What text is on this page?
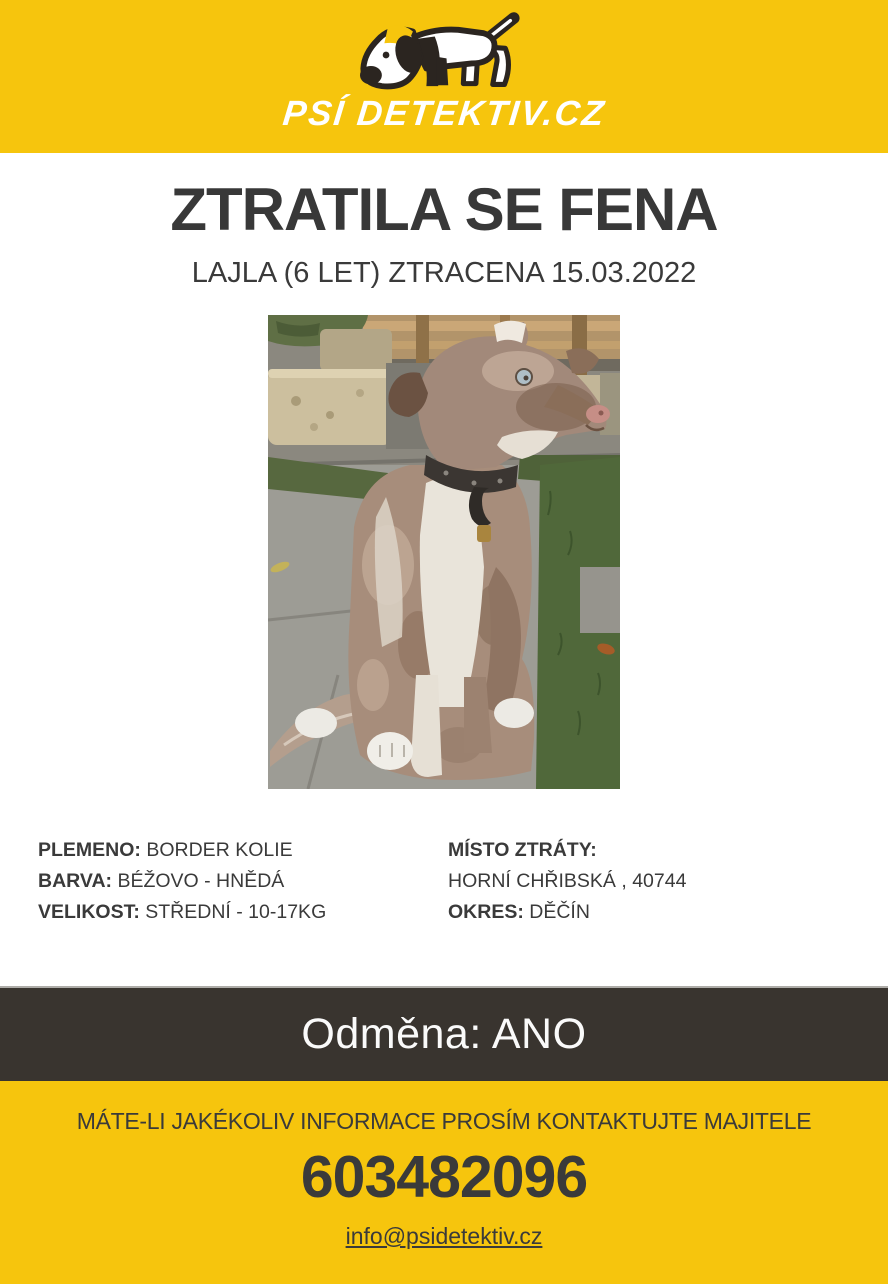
PSÍ DETEKTIV.CZ
ZTRATILA SE FENA
LAJLA (6 LET) ZTRACENA 15.03.2022
PLEMENO: BORDER KOLIE
BARVA: BÉŽOVO - HNĚDÁ
VELIKOST: STŘEDNÍ - 10-17KG
MÍSTO ZTRÁTY:
HORNÍ CHŘIBSKÁ , 40744
OKRES: DĚČÍN
Odměna: ANO
MÁTE-LI JAKÉKOLIV INFORMACE PROSÍM KONTAKTUJTE MAJITELE
603482096
info@psidetektiv.cz
